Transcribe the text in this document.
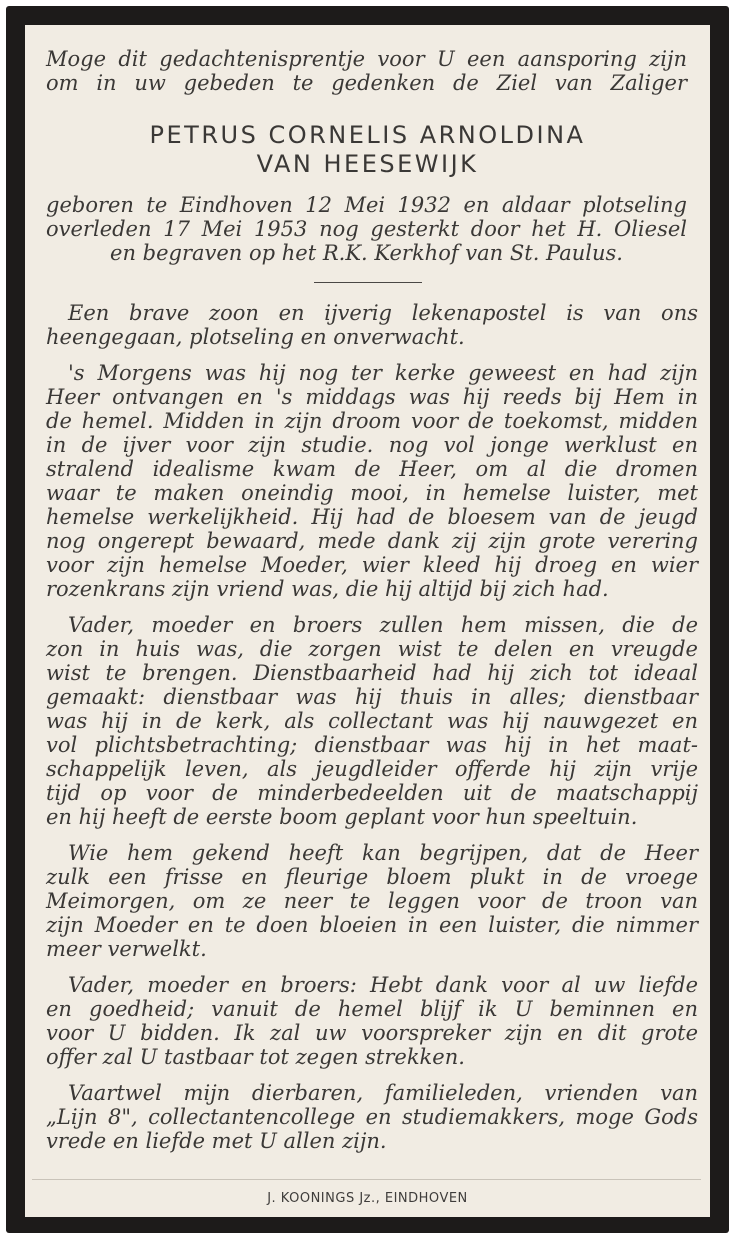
Moge dit gedachtenisprentje voor U een aansporing zijn
om in uw gebeden te gedenken de Ziel van Zaliger
PETRUS CORNELIS ARNOLDINA
VAN HEESEWIJK
geboren te Eindhoven 12 Mei 1932 en aldaar plotseling
overleden 17 Mei 1953 nog gesterkt door het H. Oliesel
en begraven op het R.K. Kerkhof van St. Paulus.
Een brave zoon en ijverig lekenapostel is van ons
heengegaan, plotseling en onverwacht.
's Morgens was hij nog ter kerke geweest en had zijn
Heer ontvangen en 's middags was hij reeds bij Hem in
de hemel. Midden in zijn droom voor de toekomst, midden
in de ijver voor zijn studie. nog vol jonge werklust en
stralend idealisme kwam de Heer, om al die dromen
waar te maken oneindig mooi, in hemelse luister, met
hemelse werkelijkheid. Hij had de bloesem van de jeugd
nog ongerept bewaard, mede dank zij zijn grote verering
voor zijn hemelse Moeder, wier kleed hij droeg en wier
rozenkrans zijn vriend was, die hij altijd bij zich had.
Vader, moeder en broers zullen hem missen, die de
zon in huis was, die zorgen wist te delen en vreugde
wist te brengen. Dienstbaarheid had hij zich tot ideaal
gemaakt: dienstbaar was hij thuis in alles; dienstbaar
was hij in de kerk, als collectant was hij nauwgezet en
vol plichtsbetrachting; dienstbaar was hij in het maat-
schappelijk leven, als jeugdleider offerde hij zijn vrije
tijd op voor de minderbedeelden uit de maatschappij
en hij heeft de eerste boom geplant voor hun speeltuin.
Wie hem gekend heeft kan begrijpen, dat de Heer
zulk een frisse en fleurige bloem plukt in de vroege
Meimorgen, om ze neer te leggen voor de troon van
zijn Moeder en te doen bloeien in een luister, die nimmer
meer verwelkt.
Vader, moeder en broers: Hebt dank voor al uw liefde
en goedheid; vanuit de hemel blijf ik U beminnen en
voor U bidden. Ik zal uw voorspreker zijn en dit grote
offer zal U tastbaar tot zegen strekken.
Vaartwel mijn dierbaren, familieleden, vrienden van
„Lijn 8", collectantencollege en studiemakkers, moge Gods
vrede en liefde met U allen zijn.
J. KOONINGS Jz., EINDHOVEN
